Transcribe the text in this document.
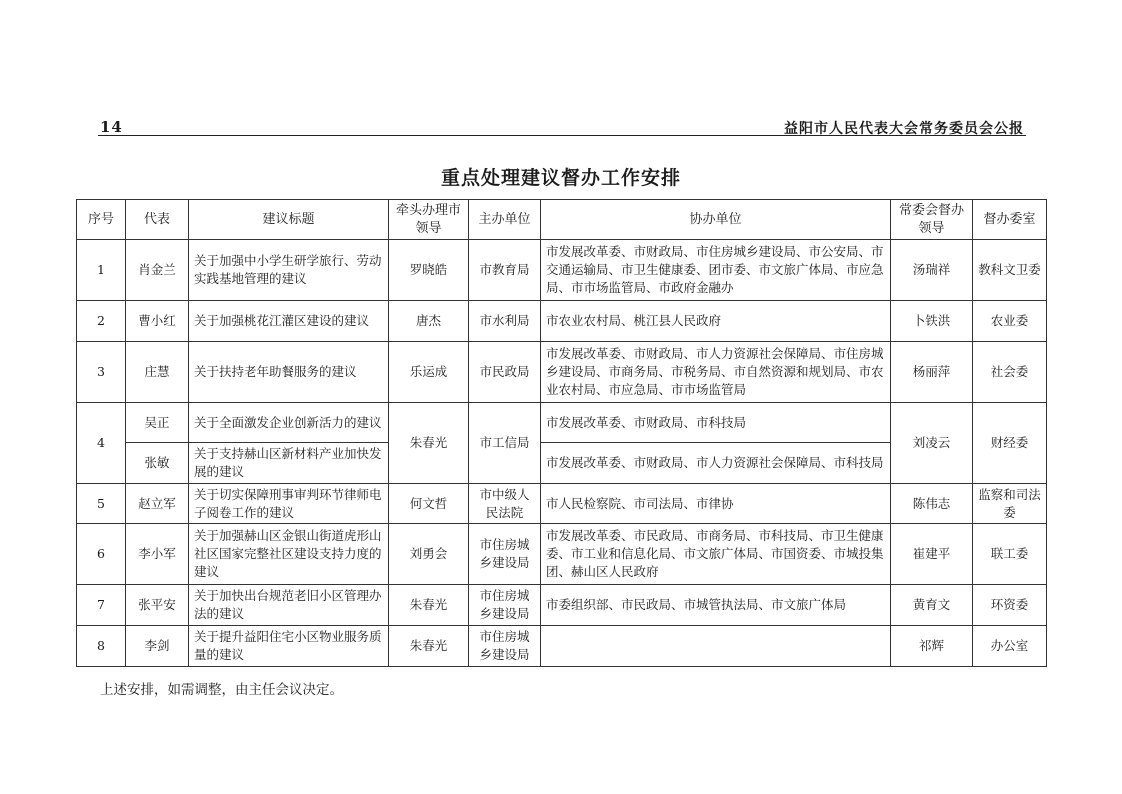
14	益阳市人民代表大会常务委员会公报
重点处理建议督办工作安排
序号	代表	建议标题	牵头办理市领导	主办单位	协办单位	常委会督办领导	督办委室
1	肖金兰	关于加强中小学生研学旅行、劳动实践基地管理的建议	罗晓皓	市教育局	市发展改革委、市财政局、市住房城乡建设局、市公安局、市交通运输局、市卫生健康委、团市委、市文旅广体局、市应急局、市市场监管局、市政府金融办	汤瑞祥	教科文卫委
2	曹小红	关于加强桃花江灌区建设的建议	唐杰	市水利局	市农业农村局、桃江县人民政府	卜铁洪	农业委
3	庄慧	关于扶持老年助餐服务的建议	乐运成	市民政局	市发展改革委、市财政局、市人力资源社会保障局、市住房城乡建设局、市商务局、市税务局、市自然资源和规划局、市农业农村局、市应急局、市市场监管局	杨丽萍	社会委
4	吴正	关于全面激发企业创新活力的建议	朱春光	市工信局	市发展改革委、市财政局、市科技局	刘凌云	财经委
	张敏	关于支持赫山区新材料产业加快发展的建议			市发展改革委、市财政局、市人力资源社会保障局、市科技局		
5	赵立军	关于切实保障刑事审判环节律师电子阅卷工作的建议	何文哲	市中级人民法院	市人民检察院、市司法局、市律协	陈伟志	监察和司法委
6	李小军	关于加强赫山区金银山街道虎形山社区国家完整社区建设支持力度的建议	刘勇会	市住房城乡建设局	市发展改革委、市民政局、市商务局、市科技局、市卫生健康委、市工业和信息化局、市文旅广体局、市国资委、市城投集团、赫山区人民政府	崔建平	联工委
7	张平安	关于加快出台规范老旧小区管理办法的建议	朱春光	市住房城乡建设局	市委组织部、市民政局、市城管执法局、市文旅广体局	黄育文	环资委
8	李剑	关于提升益阳住宅小区物业服务质量的建议	朱春光	市住房城乡建设局		祁辉	办公室
上述安排，如需调整，由主任会议决定。
